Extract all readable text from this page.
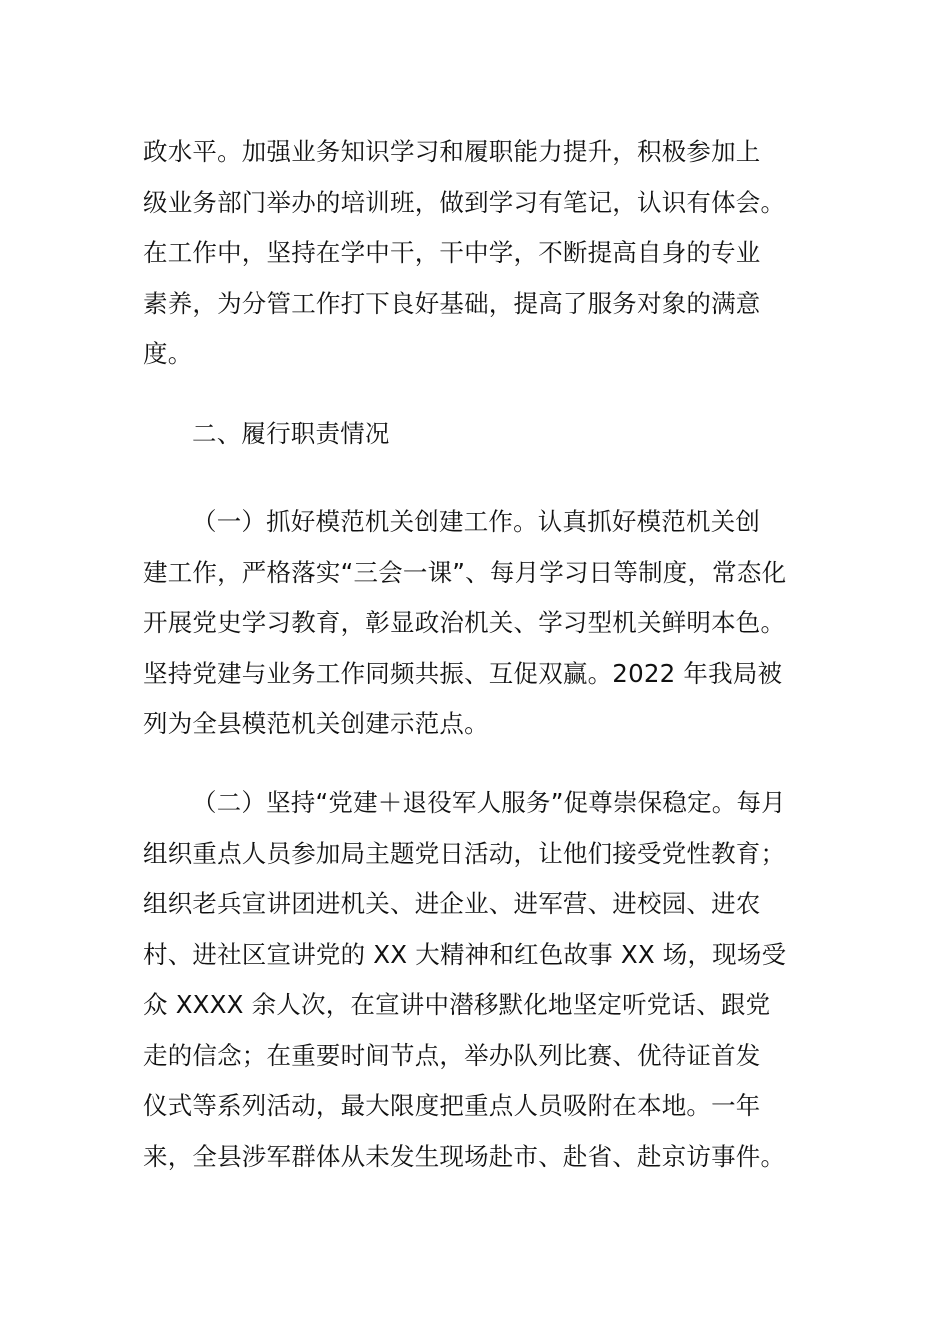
政水平。加强业务知识学习和履职能力提升，积极参加上
级业务部门举办的培训班，做到学习有笔记，认识有体会。
在工作中，坚持在学中干，干中学，不断提高自身的专业
素养，为分管工作打下良好基础，提高了服务对象的满意
度。
二、履行职责情况
（一）抓好模范机关创建工作。认真抓好模范机关创
建工作，严格落实“三会一课”、每月学习日等制度，常态化
开展党史学习教育，彰显政治机关、学习型机关鲜明本色。
坚持党建与业务工作同频共振、互促双赢。2022 年我局被
列为全县模范机关创建示范点。
（二）坚持“党建＋退役军人服务”促尊崇保稳定。每月
组织重点人员参加局主题党日活动，让他们接受党性教育；
组织老兵宣讲团进机关、进企业、进军营、进校园、进农
村、进社区宣讲党的 XX 大精神和红色故事 XX 场，现场受
众 XXXX 余人次，在宣讲中潜移默化地坚定听党话、跟党
走的信念；在重要时间节点，举办队列比赛、优待证首发
仪式等系列活动，最大限度把重点人员吸附在本地。一年
来，全县涉军群体从未发生现场赴市、赴省、赴京访事件。
